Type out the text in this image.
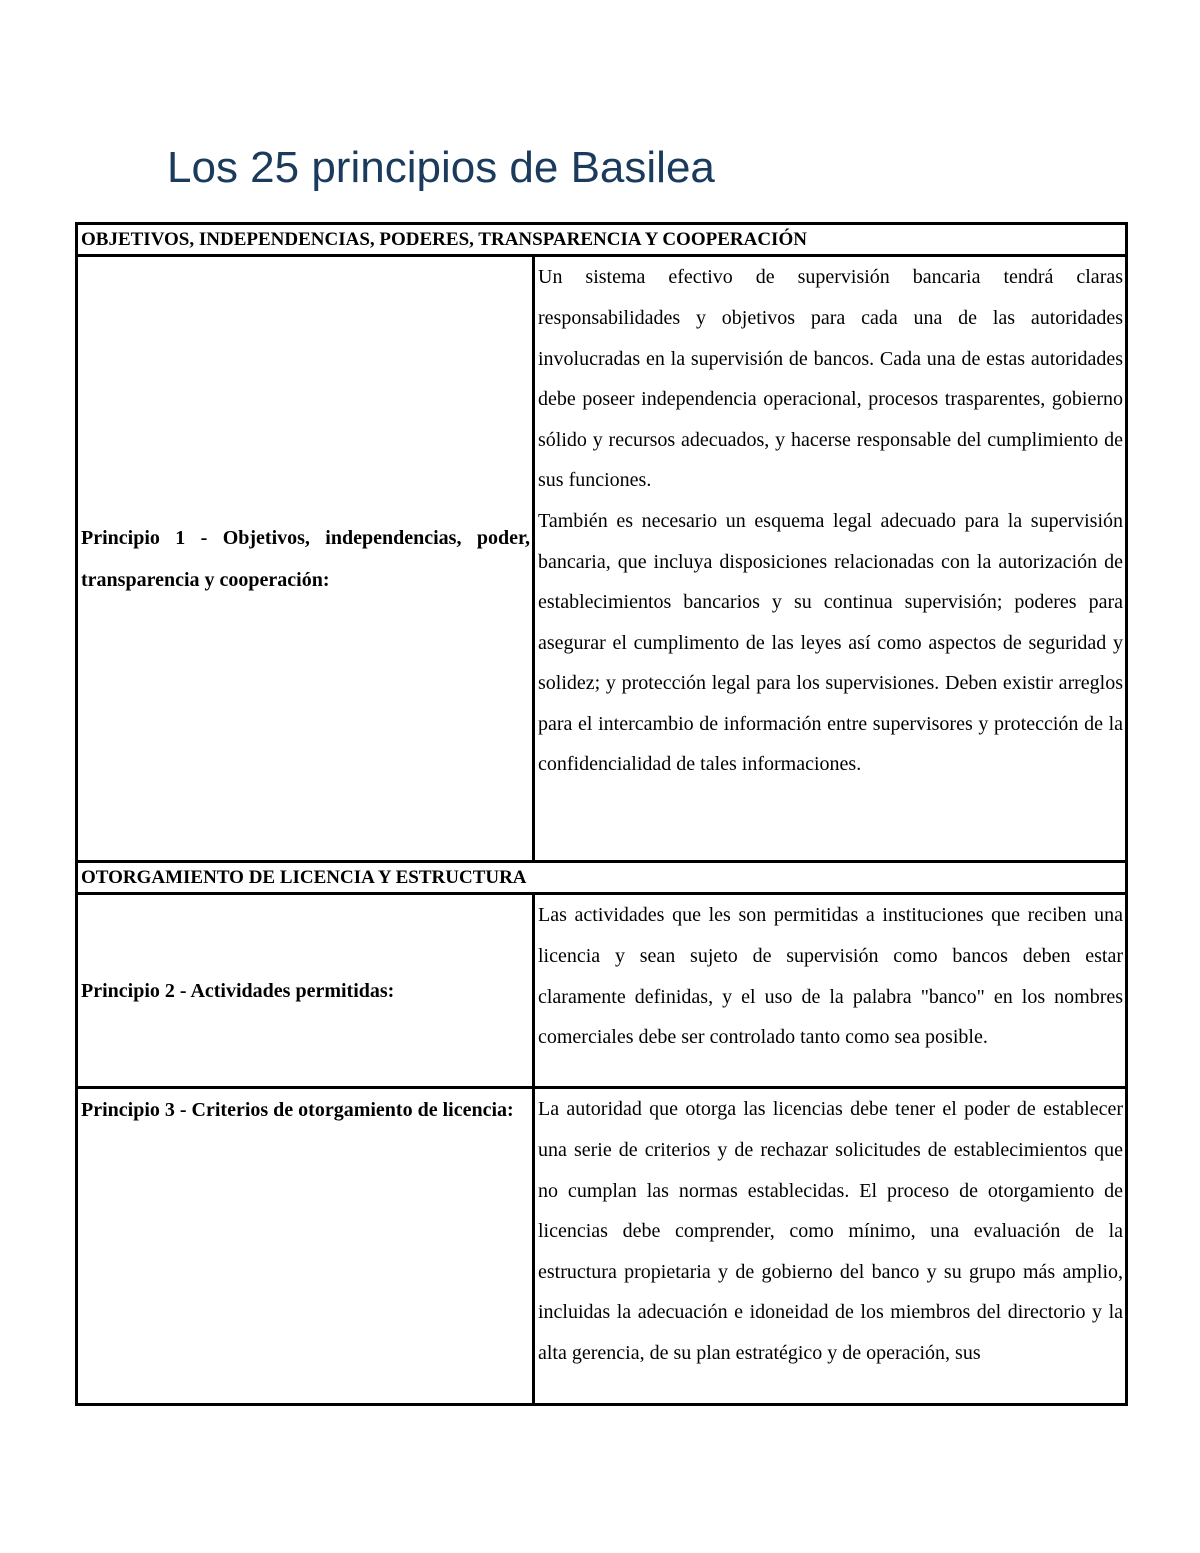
Los 25 principios de Basilea
OBJETIVOS, INDEPENDENCIAS, PODERES, TRANSPARENCIA Y COOPERACIÓN	
Principio 1 - Objetivos, independencias, poder, transparencia y cooperación:	Un sistema efectivo de supervisión bancaria tendrá claras responsabilidades y objetivos para cada una de las autoridades involucradas en la supervisión de bancos. Cada una de estas autoridades debe poseer independencia operacional, procesos trasparentes, gobierno sólido y recursos adecuados, y hacerse responsable del cumplimiento de sus funciones.

También es necesario un esquema legal adecuado para la supervisión bancaria, que incluya disposiciones relacionadas con la autorización de establecimientos bancarios y su continua supervisión; poderes para asegurar el cumplimento de las leyes así como aspectos de seguridad y solidez; y protección legal para los supervisiones. Deben existir arreglos para el intercambio de información entre supervisores y protección de la confidencialidad de tales informaciones.

OTORGAMIENTO DE LICENCIA Y ESTRUCTURA	
Principio 2 - Actividades permitidas:	Las actividades que les son permitidas a instituciones que reciben una licencia y sean sujeto de supervisión como bancos deben estar claramente definidas, y el uso de la palabra "banco" en los nombres comerciales debe ser controlado tanto como sea posible.
Principio 3 - Criterios de otorgamiento de licencia:	La autoridad que otorga las licencias debe tener el poder de establecer una serie de criterios y de rechazar solicitudes de establecimientos que no cumplan las normas establecidas. El proceso de otorgamiento de licencias debe comprender, como mínimo, una evaluación de la estructura propietaria y de gobierno del banco y su grupo más amplio, incluidas la adecuación e idoneidad de los miembros del directorio y la alta gerencia, de su plan estratégico y de operación, sus
